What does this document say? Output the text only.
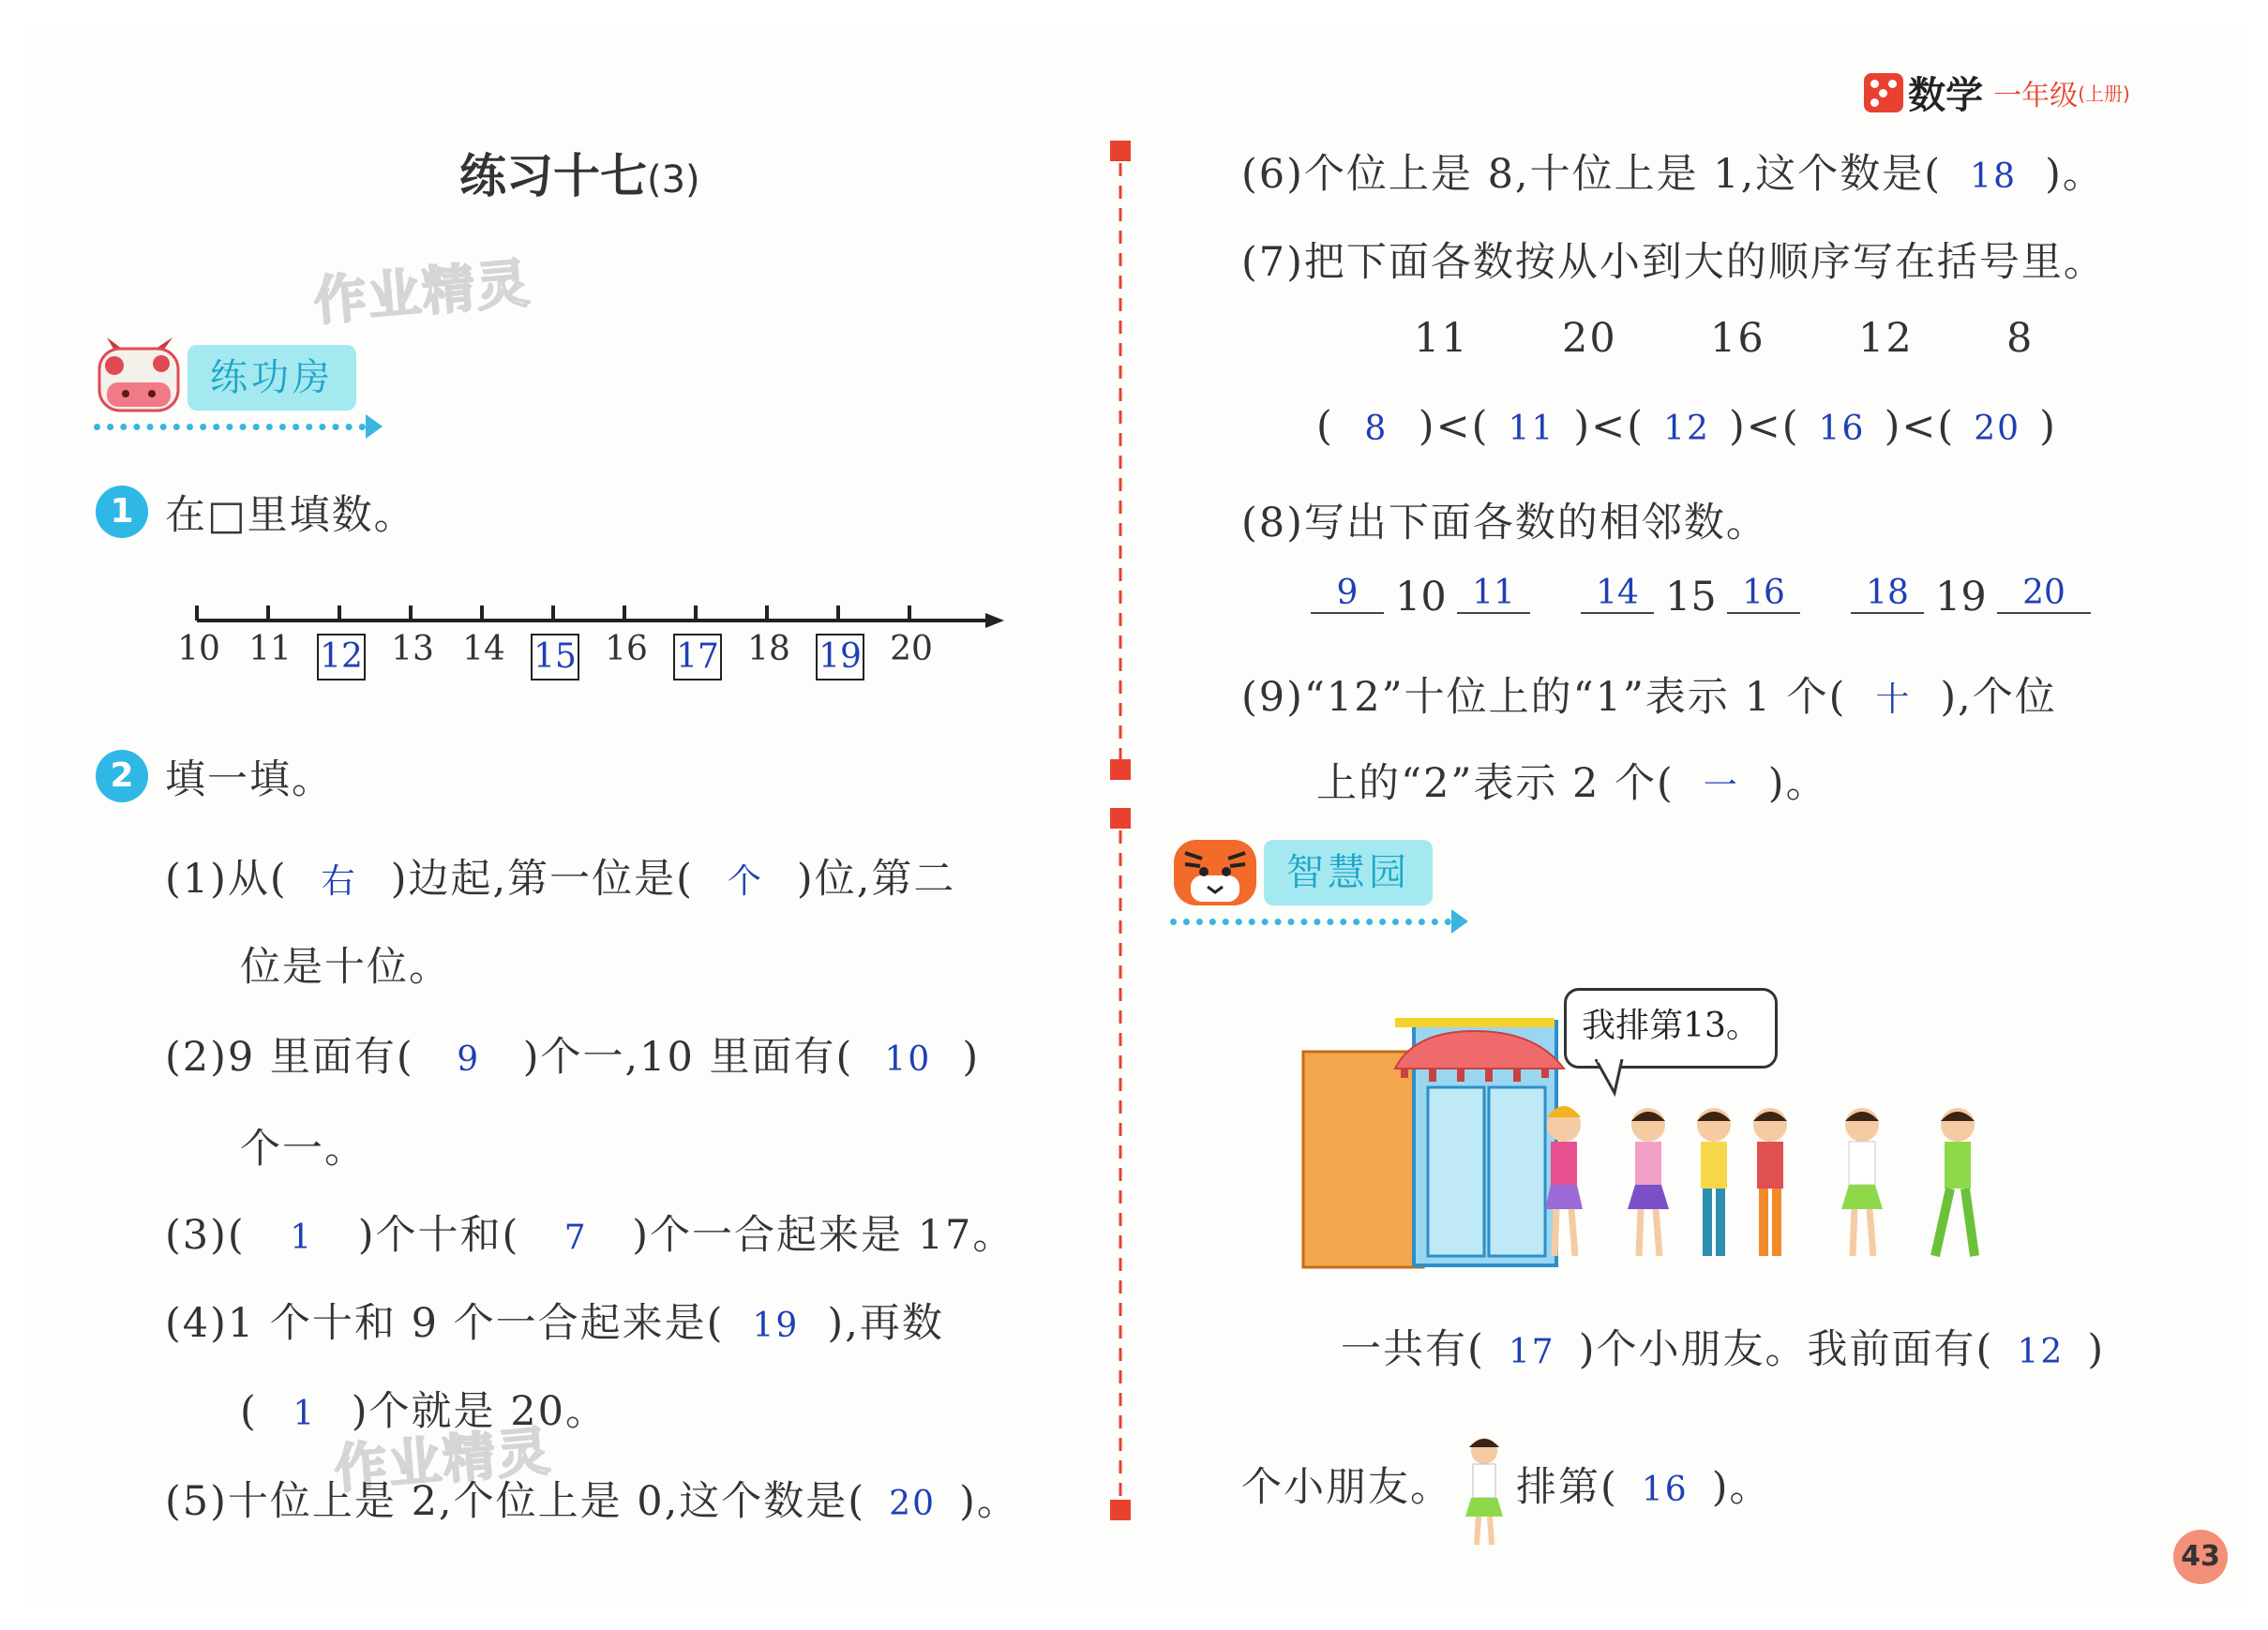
数学 一年级(上册)
练习十七(3)
作业精灵
作业精灵
练功房
1 在□里填数。
10 11 12 13 14 15 16 17 18 19 20
2 填一填。
(1)从( 右 )边起,第一位是( 个 )位,第二
位是十位。
(2)9 里面有( 9 )个一,10 里面有( 10 )
个一。
(3)( 1 )个十和( 7 )个一合起来是 17。
(4)1 个十和 9 个一合起来是( 19 ),再数
( 1 )个就是 20。
(5)十位上是 2,个位上是 0,这个数是( 20 )。
(6)个位上是 8,十位上是 1,这个数是( 18 )。
(7)把下面各数按从小到大的顺序写在括号里。
11 20 16 12 8
( 8 )<( 11 )<( 12 )<( 16 )<( 20 )
(8)写出下面各数的相邻数。
9 10 11	14 15 16	18 19	20
(9)“12”十位上的“1”表示 1 个( 十 ),个位
上的“2”表示 2 个( 一 )。
智慧园
我排第13。
一共有( 17 )个小朋友。我前面有( 12 )
个小朋友。 排第( 16 )。
43
